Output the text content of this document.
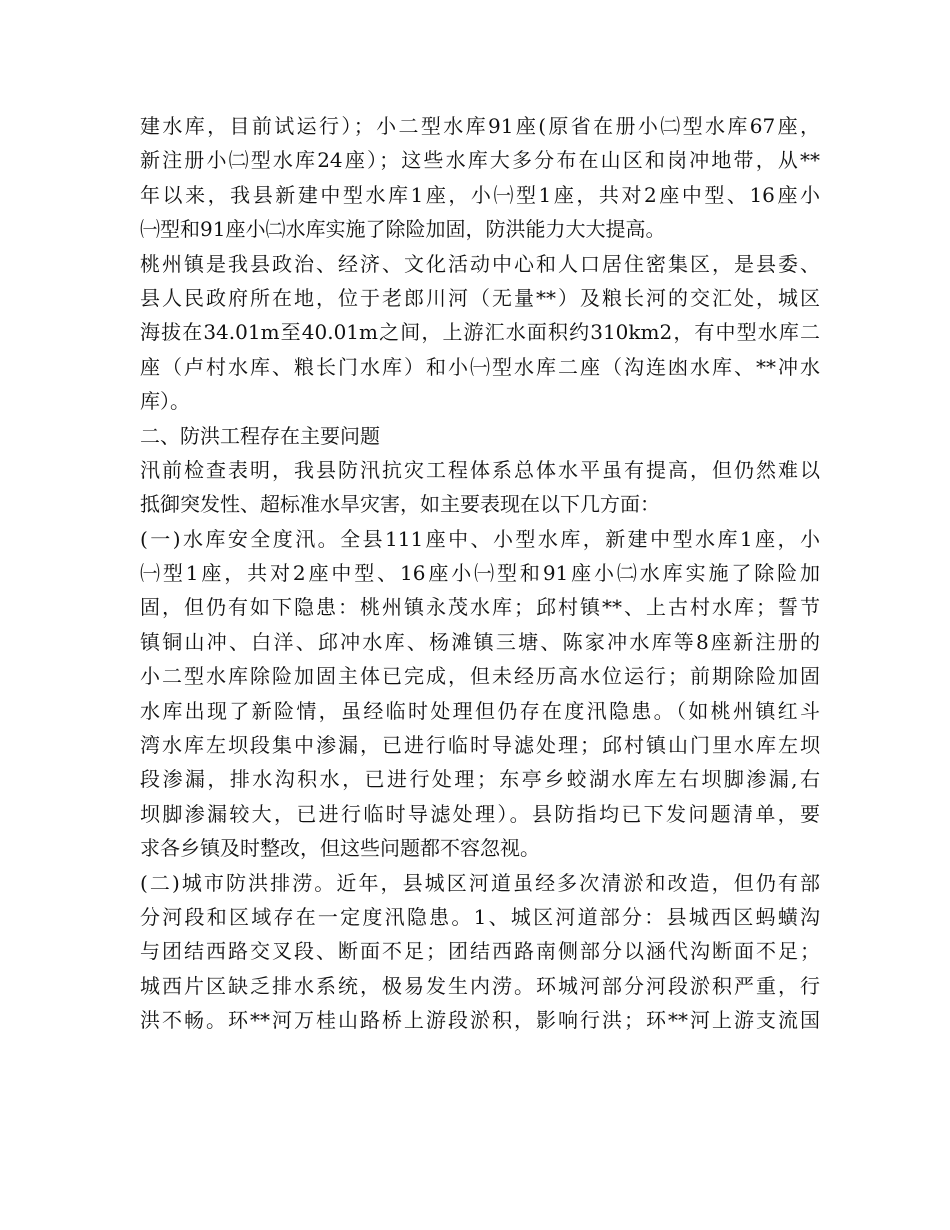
建水库，目前试运行）；小二型水库91座(原省在册小㈡型水库67座，
新注册小㈡型水库24座）；这些水库大多分布在山区和岗冲地带，从**
年以来，我县新建中型水库1座，小㈠型1座，共对2座中型、16座小
㈠型和91座小㈡水库实施了除险加固，防洪能力大大提高。
桃州镇是我县政治、经济、文化活动中心和人口居住密集区，是县委、
县人民政府所在地，位于老郎川河（无量**）及粮长河的交汇处，城区
海拔在34.01m至40.01m之间，上游汇水面积约310km2，有中型水库二
座（卢村水库、粮长门水库）和小㈠型水库二座（沟连凼水库、**冲水
库）。
二、防洪工程存在主要问题
汛前检查表明，我县防汛抗灾工程体系总体水平虽有提高，但仍然难以
抵御突发性、超标准水旱灾害，如主要表现在以下几方面：
(一)水库安全度汛。全县111座中、小型水库，新建中型水库1座，小
㈠型1座，共对2座中型、16座小㈠型和91座小㈡水库实施了除险加
固，但仍有如下隐患：桃州镇永茂水库；邱村镇**、上古村水库；誓节
镇铜山冲、白洋、邱冲水库、杨滩镇三塘、陈家冲水库等8座新注册的
小二型水库除险加固主体已完成，但未经历高水位运行；前期除险加固
水库出现了新险情，虽经临时处理但仍存在度汛隐患。（如桃州镇红斗
湾水库左坝段集中渗漏，已进行临时导滤处理；邱村镇山门里水库左坝
段渗漏，排水沟积水，已进行处理；东亭乡蛟湖水库左右坝脚渗漏,右
坝脚渗漏较大，已进行临时导滤处理）。县防指均已下发问题清单，要
求各乡镇及时整改，但这些问题都不容忽视。
(二)城市防洪排涝。近年，县城区河道虽经多次清淤和改造，但仍有部
分河段和区域存在一定度汛隐患。1、城区河道部分：县城西区蚂蟥沟
与团结西路交叉段、断面不足；团结西路南侧部分以涵代沟断面不足；
城西片区缺乏排水系统，极易发生内涝。环城河部分河段淤积严重，行
洪不畅。环**河万桂山路桥上游段淤积，影响行洪；环**河上游支流国
